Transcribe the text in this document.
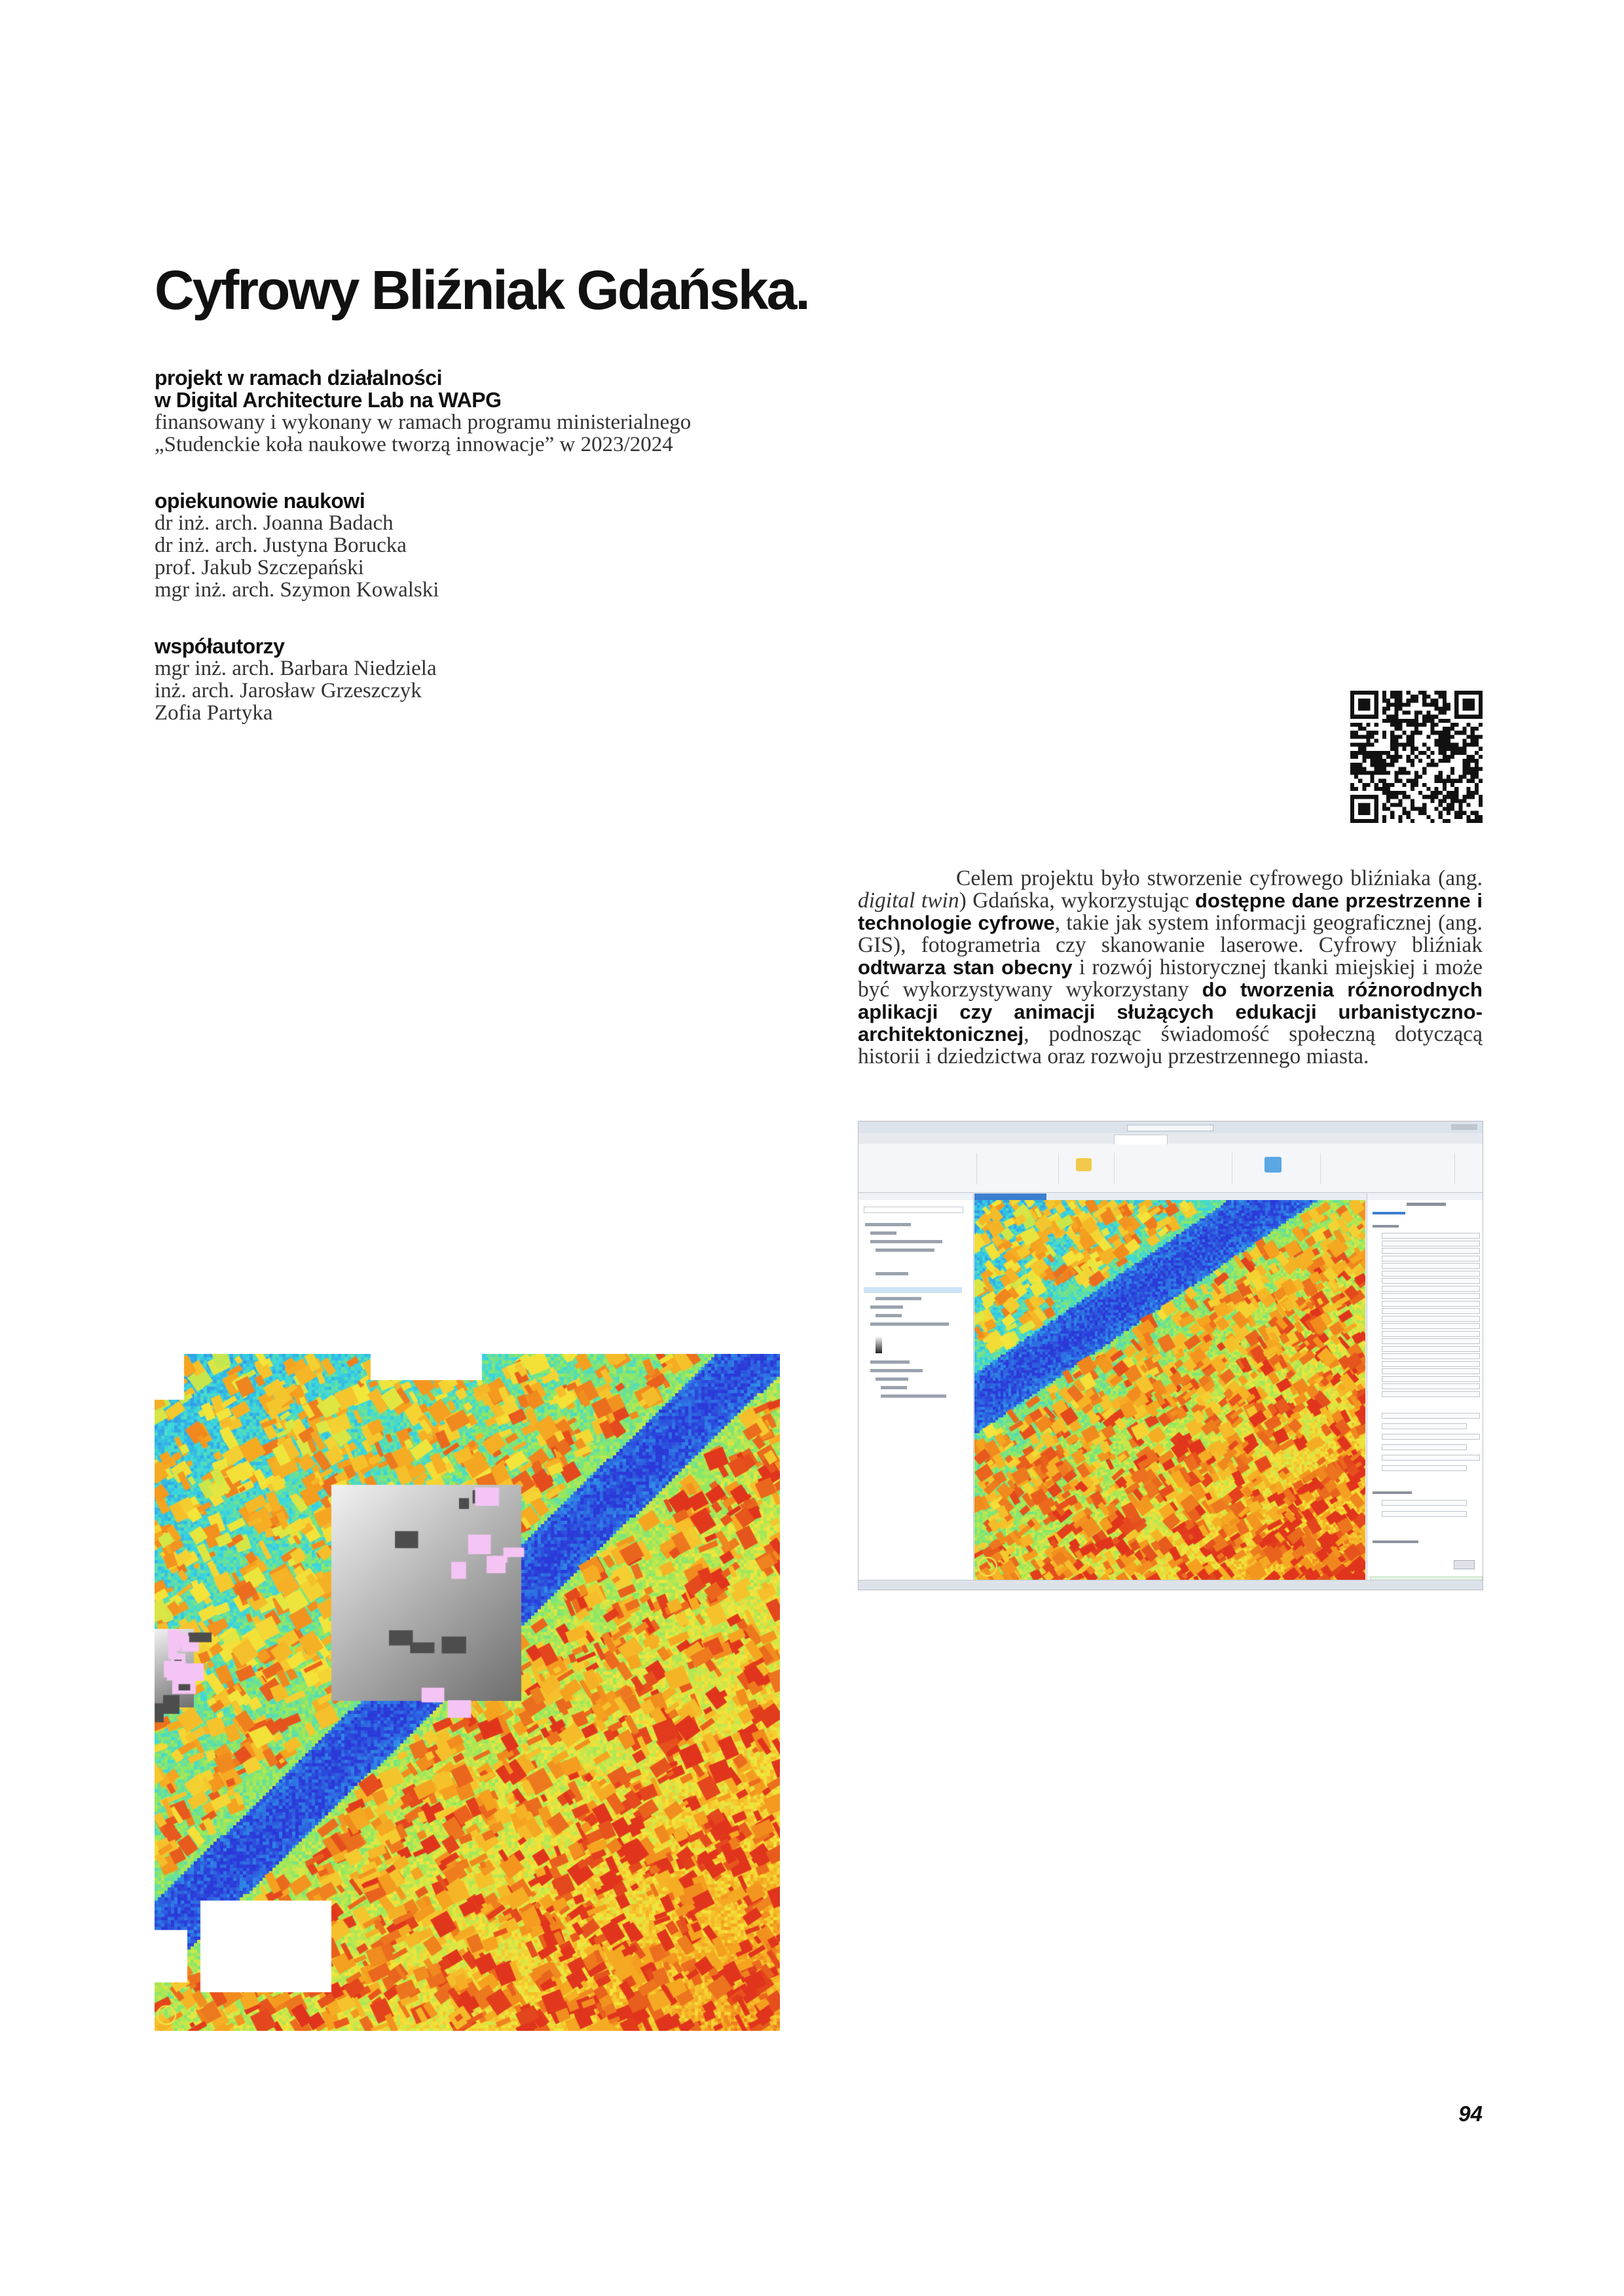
Cyfrowy Bliźniak Gdańska.
projekt w ramach działalności
w Digital Architecture Lab na WAPG
finansowany i wykonany w ramach programu ministerialnego
„Studenckie koła naukowe tworzą innowacje” w 2023/2024
opiekunowie naukowi
dr inż. arch. Joanna Badach
dr inż. arch. Justyna Borucka
prof. Jakub Szczepański
mgr inż. arch. Szymon Kowalski
współautorzy
mgr inż. arch. Barbara Niedziela
inż. arch. Jarosław Grzeszczyk
Zofia Partyka

Celem projektu było stworzenie cyfrowego bliźniaka (ang. digital twin) Gdańska, wykorzystując dostępne dane przestrzenne i technologie cyfrowe, takie jak system informacji geograficznej (ang. GIS), fotogrametria czy skanowanie laserowe. Cyfrowy bliźniak odtwarza stan obecny i rozwój historycznej tkanki miejskiej i może być wykorzystywany wykorzystany do tworzenia różnorodnych aplikacji czy animacji służących edukacji urbanistyczno-architektonicznej, podnosząc świadomość społeczną dotyczącą historii i dziedzictwa oraz rozwoju przestrzennego miasta.

94
